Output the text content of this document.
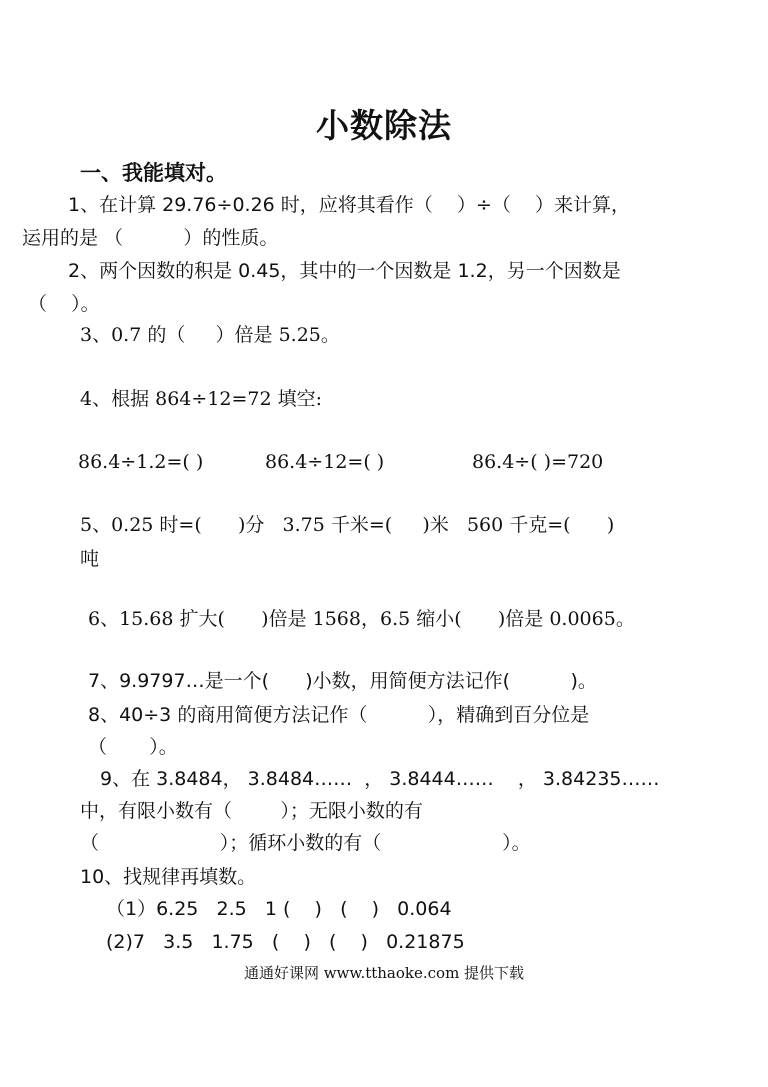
小数除法
一、我能填对。
1、在计算 29.76÷0.26 时，应将其看作（    ）÷（    ）来计算，
运用的是 （          ）的性质。
2、两个因数的积是 0.45，其中的一个因数是 1.2，另一个因数是
（    ）。
3、0.7 的（     ）倍是 5.25。
4、根据 864÷12=72 填空:
86.4÷1.2=( )	86.4÷12=( )	86.4÷( )=720
5、0.25 时=(      )分   3.75 千米=(     )米   560 千克=(      )
吨
6、15.68 扩大(      )倍是 1568，6.5 缩小(      )倍是 0.0065。
7、9.9797…是一个(      )小数，用简便方法记作(          )。
8、40÷3 的商用简便方法记作（          ），精确到百分位是
（       ）。
9、在 3.8484， 3.8484……  ， 3.8444……    ， 3.84235……
中，有限小数有（        ）；无限小数的有
（                    ）；循环小数的有（                    ）。
10、找规律再填数。
（1）6.25   2.5   1 (    )   (    )   0.064
(2)7   3.5   1.75   (    )   (    )   0.21875
通通好课网 www.tthaoke.com 提供下载
